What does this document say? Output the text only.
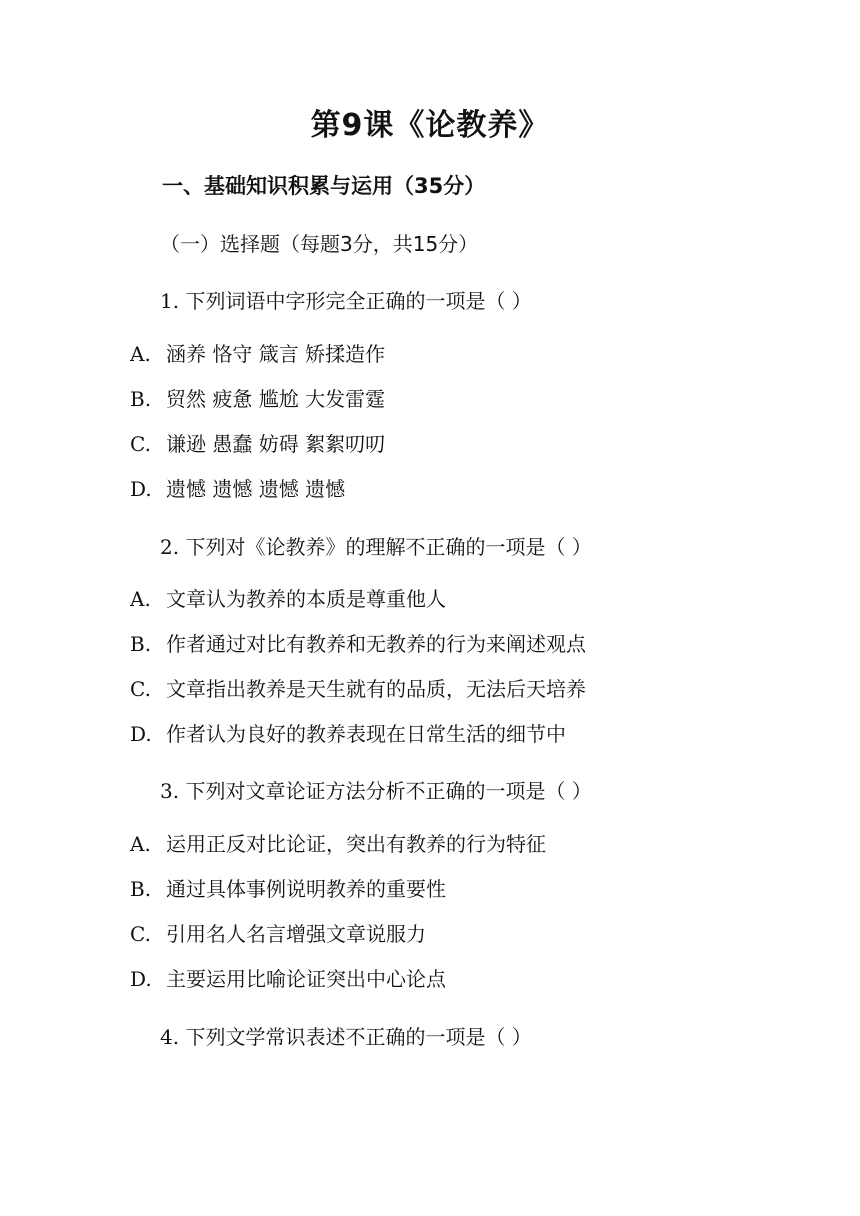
第9课《论教养》
一、基础知识积累与运用（35分）
（一）选择题（每题3分，共15分）
1. 下列词语中字形完全正确的一项是（ ）
A. 涵养 恪守 箴言 矫揉造作
B. 贸然 疲惫 尴尬 大发雷霆
C. 谦逊 愚蠢 妨碍 絮絮叨叨
D. 遗憾 遗憾 遗憾 遗憾
2. 下列对《论教养》的理解不正确的一项是（ ）
A. 文章认为教养的本质是尊重他人
B. 作者通过对比有教养和无教养的行为来阐述观点
C. 文章指出教养是天生就有的品质，无法后天培养
D. 作者认为良好的教养表现在日常生活的细节中
3. 下列对文章论证方法分析不正确的一项是（ ）
A. 运用正反对比论证，突出有教养的行为特征
B. 通过具体事例说明教养的重要性
C. 引用名人名言增强文章说服力
D. 主要运用比喻论证突出中心论点
4. 下列文学常识表述不正确的一项是（ ）
